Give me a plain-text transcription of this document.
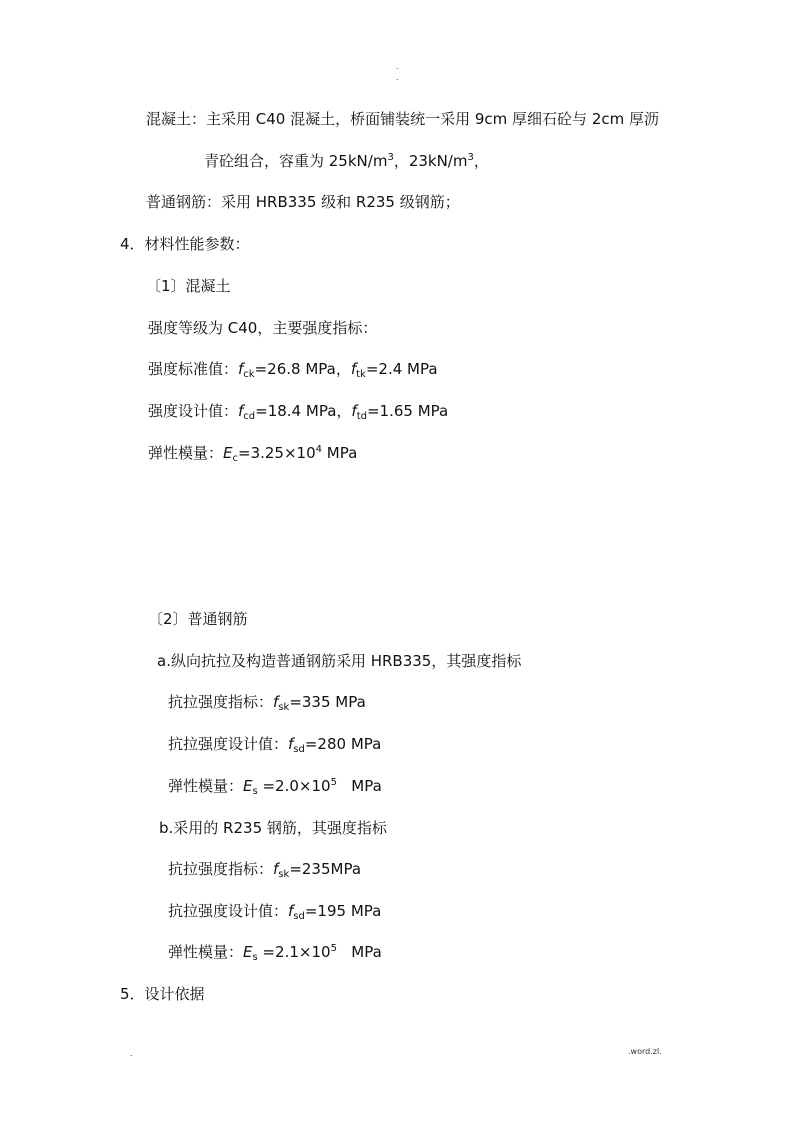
.
.
混凝土：主采用 C40 混凝土，桥面铺装统一采用 9cm 厚细石砼与 2cm 厚沥
青砼组合，容重为 $25kN/m^3$，$23kN/m^3$，
普通钢筋：采用 HRB335 级和 R235 级钢筋；
4．材料性能参数：
〔1〕混凝土
强度等级为 C40，主要强度指标：
强度标准值：$f_{ck}=26.8$ MPa，$f_{tk}=2.4$ MPa
强度设计值：$f_{cd}=18.4$ MPa，$f_{td}=1.65$ MPa
弹性模量：$E_c=3.25\times 10^4$ MPa
〔2〕普通钢筋
a.纵向抗拉及构造普通钢筋采用 HRB335，其强度指标
抗拉强度指标：$f_{sk}=335$ MPa
抗拉强度设计值：$f_{sd}=280$ MPa
弹性模量：$E_s =2.0\times 10^5$   MPa
b.采用的 R235 钢筋，其强度指标
抗拉强度指标：$f_{sk}=235MPa$
抗拉强度设计值：$f_{sd}=195$ MPa
弹性模量：$E_s =2.1\times 10^5$   MPa
5．设计依据
.	.word.zl.
